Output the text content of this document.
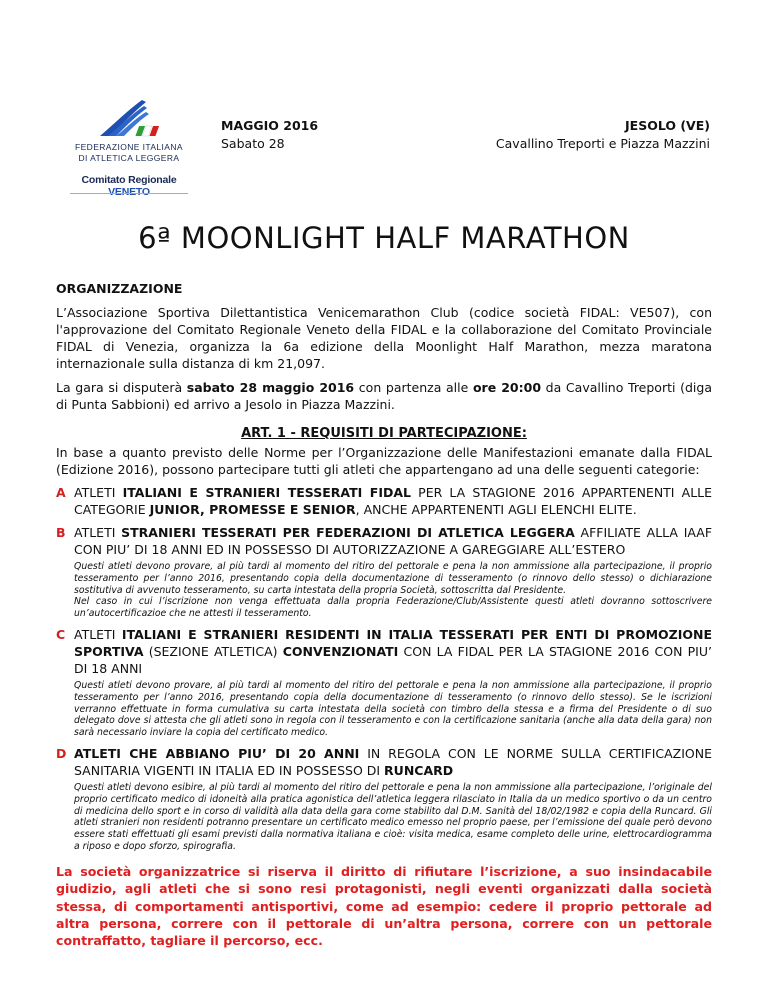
FEDERAZIONE ITALIANA
DI ATLETICA LEGGERA
Comitato Regionale VENETO
MAGGIO 2016
Sabato 28
JESOLO (VE)
Cavallino Treporti e Piazza Mazzini
6ª MOONLIGHT HALF MARATHON

ORGANIZZAZIONE

L’Associazione Sportiva Dilettantistica Venicemarathon Club (codice società FIDAL: VE507), con l'approvazione del Comitato Regionale Veneto della FIDAL e la collaborazione del Comitato Provinciale FIDAL di Venezia, organizza la 6a edizione della Moonlight Half Marathon, mezza maratona internazionale sulla distanza di km 21,097.

La gara si disputerà sabato 28 maggio 2016 con partenza alle ore 20:00 da Cavallino Treporti (diga di Punta Sabbioni) ed arrivo a Jesolo in Piazza Mazzini.

ART. 1 - REQUISITI DI PARTECIPAZIONE:
In base a quanto previsto delle Norme per l’Organizzazione delle Manifestazioni emanate dalla FIDAL (Edizione 2016), possono partecipare tutti gli atleti che appartengano ad una delle seguenti categorie:
A ATLETI ITALIANI E STRANIERI TESSERATI FIDAL PER LA STAGIONE 2016 APPARTENENTI ALLE CATEGORIE JUNIOR, PROMESSE E SENIOR, ANCHE APPARTENENTI AGLI ELENCHI ELITE.
B ATLETI STRANIERI TESSERATI PER FEDERAZIONI DI ATLETICA LEGGERA AFFILIATE ALLA IAAF CON PIU’ DI 18 ANNI ED IN POSSESSO DI AUTORIZZAZIONE A GAREGGIARE ALL’ESTERO
Questi atleti devono provare, al più tardi al momento del ritiro del pettorale e pena la non ammissione alla partecipazione, il proprio tesseramento per l’anno 2016, presentando copia della documentazione di tesseramento (o rinnovo dello stesso) o dichiarazione sostitutiva di avvenuto tesseramento, su carta intestata della propria Società, sottoscritta dal Presidente.
Nel caso in cui l’iscrizione non venga effettuata dalla propria Federazione/Club/Assistente questi atleti dovranno sottoscrivere un’autocertificazioe che ne attesti il tesseramento.
C ATLETI ITALIANI E STRANIERI RESIDENTI IN ITALIA TESSERATI PER ENTI DI PROMOZIONE SPORTIVA (SEZIONE ATLETICA) CONVENZIONATI CON LA FIDAL PER LA STAGIONE 2016 CON PIU’ DI 18 ANNI
Questi atleti devono provare, al più tardi al momento del ritiro del pettorale e pena la non ammissione alla partecipazione, il proprio tesseramento per l’anno 2016, presentando copia della documentazione di tesseramento (o rinnovo dello stesso). Se le iscrizioni verranno effettuate in forma cumulativa su carta intestata della società con timbro della stessa e a firma del Presidente o di suo delegato dove si attesta che gli atleti sono in regola con il tesseramento e con la certificazione sanitaria (anche alla data della gara) non sarà necessario inviare la copia del certificato medico.
D ATLETI CHE ABBIANO PIU’ DI 20 ANNI IN REGOLA CON LE NORME SULLA CERTIFICAZIONE SANITARIA VIGENTI IN ITALIA ED IN POSSESSO DI RUNCARD
Questi atleti devono esibire, al più tardi al momento del ritiro del pettorale e pena la non ammissione alla partecipazione, l’originale del proprio certificato medico di idoneità alla pratica agonistica dell’atletica leggera rilasciato in Italia da un medico sportivo o da un centro di medicina dello sport e in corso di validità alla data della gara come stabilito dal D.M. Sanità del 18/02/1982 e copia della Runcard. Gli atleti stranieri non residenti potranno presentare un certificato medico emesso nel proprio paese, per l’emissione del quale però devono essere stati effettuati gli esami previsti dalla normativa italiana e cioè: visita medica, esame completo delle urine, elettrocardiogramma a riposo e dopo sforzo, spirografia.
La società organizzatrice si riserva il diritto di rifiutare l’iscrizione, a suo insindacabile giudizio, agli atleti che si sono resi protagonisti, negli eventi organizzati dalla società stessa, di comportamenti antisportivi, come ad esempio: cedere il proprio pettorale ad altra persona, correre con il pettorale di un’altra persona, correre con un pettorale contraffatto, tagliare il percorso, ecc.
